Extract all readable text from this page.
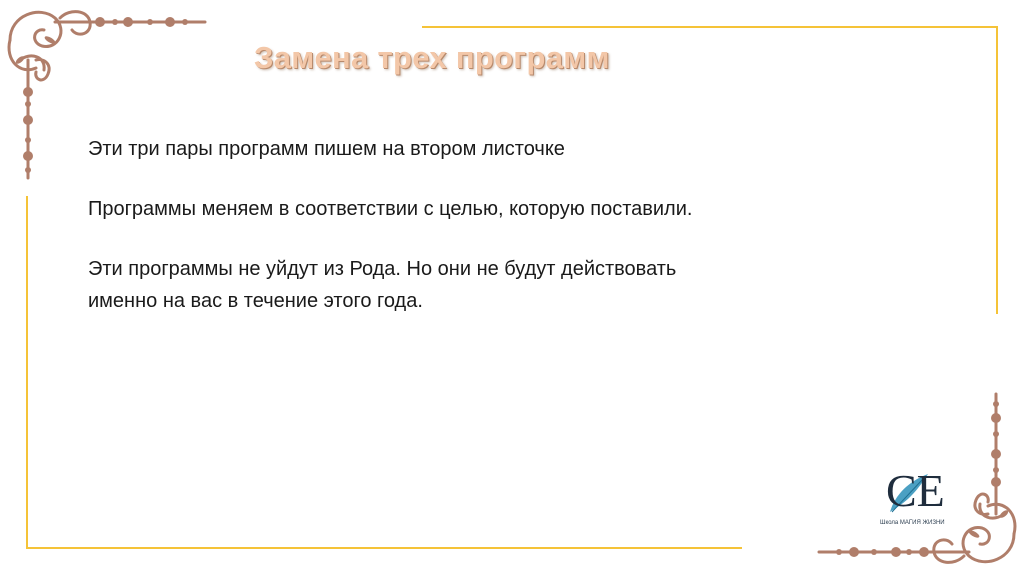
Замена трех программ

Эти три пары программ пишем на втором листочке

Программы меняем в соответствии с целью, которую поставили.

Эти программы не уйдут из Рода. Но они не будут действовать
именно на вас в течение этого года.

CE
Школа МАГИЯ ЖИЗНИ
